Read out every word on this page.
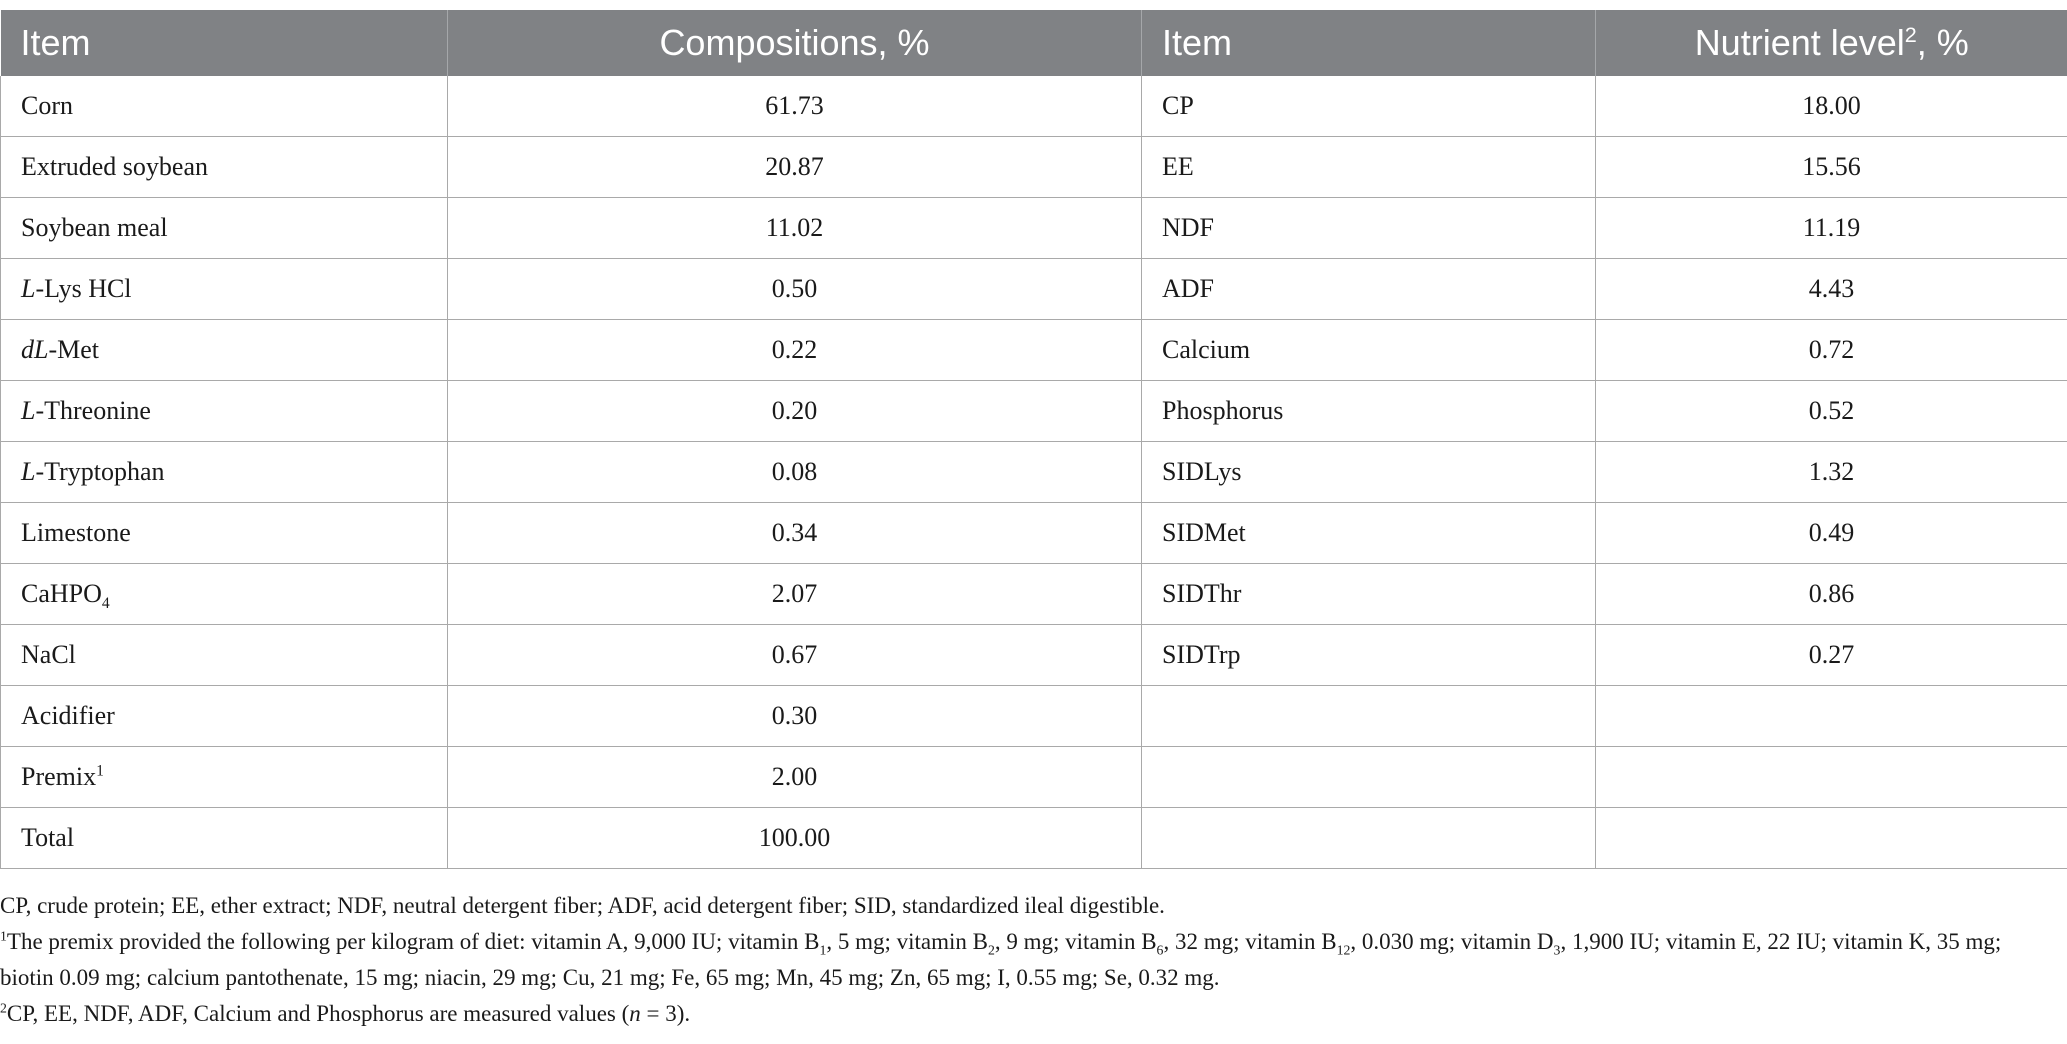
Item	Compositions, %	Item	Nutrient level$^2$, %
Corn	61.73	CP	18.00
Extruded soybean	20.87	EE	15.56
Soybean meal	11.02	NDF	11.19
L-Lys HCl	0.50	ADF	4.43
dL-Met	0.22	Calcium	0.72
L-Threonine	0.20	Phosphorus	0.52
L-Tryptophan	0.08	SIDLys	1.32
Limestone	0.34	SIDMet	0.49
CaHPO$_4$	2.07	SIDThr	0.86
NaCl	0.67	SIDTrp	0.27
Acidifier	0.30		
Premix$^1$	2.00		
Total	100.00		

CP, crude protein; EE, ether extract; NDF, neutral detergent fiber; ADF, acid detergent fiber; SID, standardized ileal digestible.

$^1$The premix provided the following per kilogram of diet: vitamin A, 9,000 IU; vitamin $B_1$, 5 mg; vitamin $B_2$, 9 mg; vitamin $B_6$, 32 mg; vitamin $B_{12}$, 0.030 mg; vitamin $D_3$, 1,900 IU; vitamin E, 22 IU; vitamin K, 35 mg; biotin 0.09 mg; calcium pantothenate, 15 mg; niacin, 29 mg; Cu, 21 mg; Fe, 65 mg; Mn, 45 mg; Zn, 65 mg; I, 0.55 mg; Se, 0.32 mg.

$^2$CP, EE, NDF, ADF, Calcium and Phosphorus are measured values (n = 3).
